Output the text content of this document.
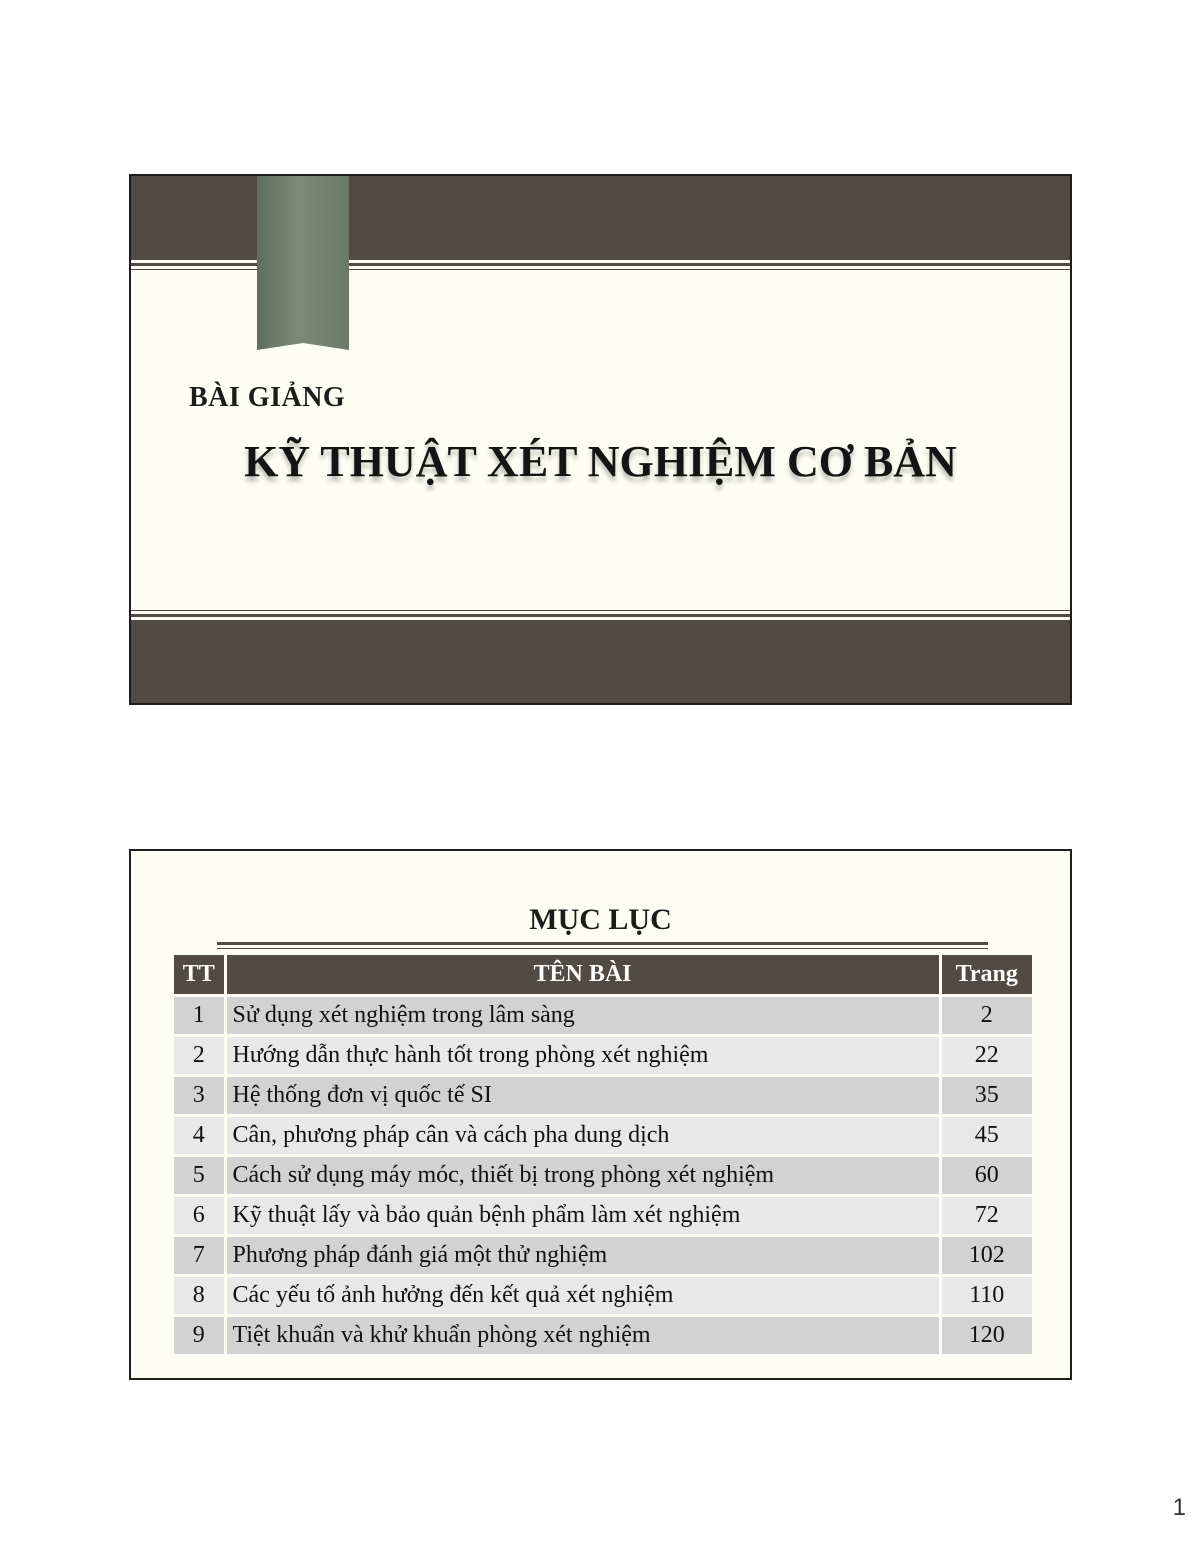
BÀI GIẢNG
KỸ THUẬT XÉT NGHIỆM CƠ BẢN
MỤC LỤC
TT	TÊN BÀI	Trang
1	Sử dụng xét nghiệm trong lâm sàng	2
2	Hướng dẫn thực hành tốt trong phòng xét nghiệm	22
3	Hệ thống đơn vị quốc tế SI	35
4	Cân, phương pháp cân và cách pha dung dịch	45
5	Cách sử dụng máy móc, thiết bị trong phòng xét nghiệm	60
6	Kỹ thuật lấy và bảo quản bệnh phẩm làm xét nghiệm	72
7	Phương pháp đánh giá một thử nghiệm	102
8	Các yếu tố ảnh hưởng đến kết quả xét nghiệm	110
9	Tiệt khuẩn và khử khuẩn phòng xét nghiệm	120
1
